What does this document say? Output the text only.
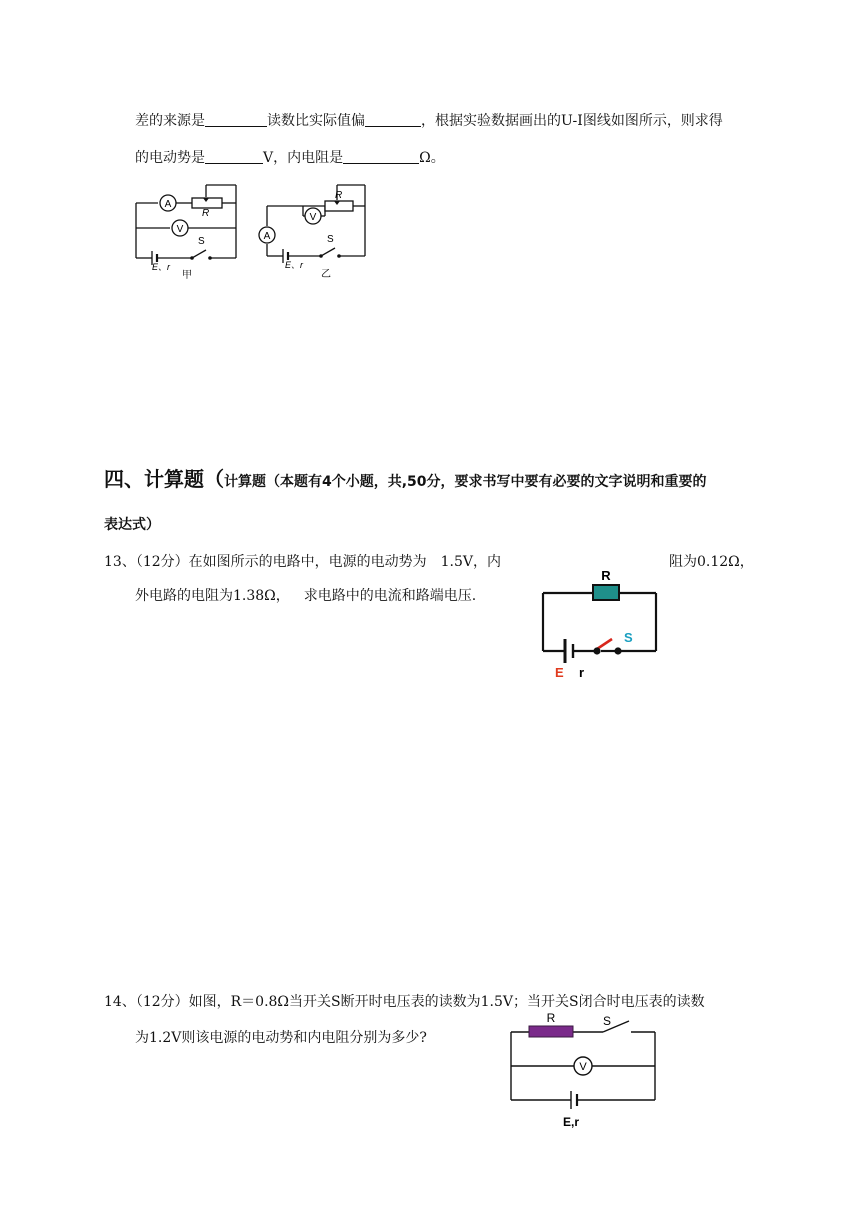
差的来源是	读数比实际值偏	，根据实验数据画出的U-I图线如图所示，则求得
的电动势是	V，内电阻是	Ω。
A
V
R
S
E、r
甲
A
V
R
S
E、r
乙
四、计算题（计算题（本题有4个小题，共,50分，要求书写中要有必要的文字说明和重要的
表达式）
13、（12分）在如图所示的电路中，电源的电动势为 1.5V，内	阻为0.12Ω，
外电路的电阻为1.38Ω， 求电路中的电流和路端电压.
R
S
E r
14、（12分）如图，R＝0.8Ω当开关S断开时电压表的读数为1.5V；当开关S闭合时电压表的读数
为1.2V则该电源的电动势和内电阻分别为多少?
V
R	S
E,r
